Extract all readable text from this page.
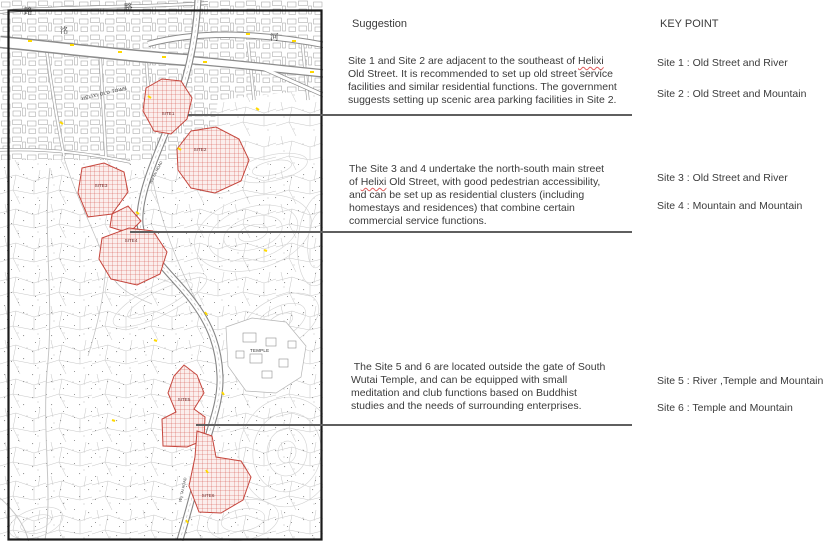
路	路
洺
河
HELIXI OLD TOWN
TEMPLE
WU TAI ROAD
WU TAI ROAD
SITE1
SITE2
SITE3
SITE4
SITE5
SITE6
Suggestion
Site 1 and Site 2 are adjacent to the southeast of Helixi
Old Street. It is recommended to set up old street service
facilities and similar residential functions. The government
suggests setting up scenic area parking facilities in Site 2.
The Site 3 and 4 undertake the north-south main street
of Helixi Old Street, with good pedestrian accessibility,
and can be set up as residential clusters (including
homestays and residences) that combine certain
commercial service functions.
The Site 5 and 6 are located outside the gate of South
Wutai Temple, and can be equipped with small
meditation and club functions based on Buddhist
studies and the needs of surrounding enterprises.
KEY POINT
Site 1 : Old Street and River
Site 2 : Old Street and Mountain
Site 3 : Old Street and River
Site 4 : Mountain and Mountain
Site 5 : River ,Temple and Mountain
Site 6 : Temple and Mountain
